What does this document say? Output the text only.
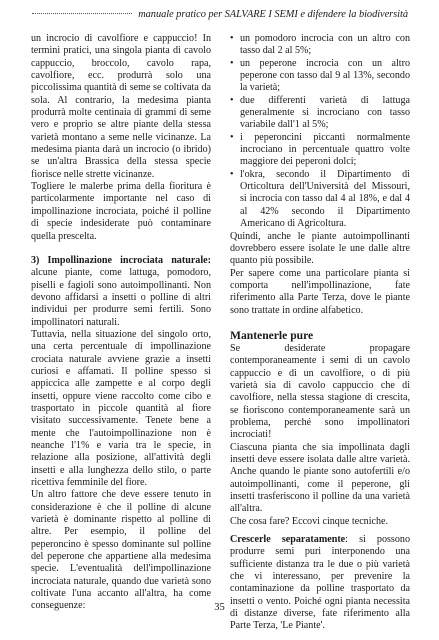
manuale pratico per SALVARE I SEMI e difendere la biodiversità

un incrocio di cavolfiore e cappuccio! In termini pratici, una singola pianta di cavolo cappuccio, broccolo, cavolo rapa, cavolfiore, ecc. produrrà solo una piccolissima quantità di seme se coltivata da sola. Al contrario, la medesima pianta produrrà molte centinaia di grammi di seme vero e proprio se altre piante della stessa varietà montano a seme nelle vicinanze. La medesima pianta darà un incrocio (o ibrido) se un'altra Brassica della stessa specie fiorisce nelle strette vicinanze.

Togliere le malerbe prima della fioritura è particolarmente importante nel caso di impollinazione incrociata, poiché il polline di specie indesiderate può contaminare quella prescelta.

3) Impollinazione incrociata naturale: alcune piante, come lattuga, pomodoro, piselli e fagioli sono autoimpollinanti. Non devono affidarsi a insetti o polline di altri individui per produrre semi fertili. Sono impollinatori naturali.

Tuttavia, nella situazione del singolo orto, una certa percentuale di impollinazione crociata naturale avviene grazie a insetti curiosi e affamati. Il polline spesso si appiccica alle zampette e al corpo degli insetti, oppure viene raccolto come cibo e trasportato in piccole quantità al fiore visitato successivamente. Tenete bene a mente che l'autoimpollinazione non è neanche l'1% e varia tra le specie, in relazione alla posizione, all'attività degli insetti e alla lunghezza dello stilo, o parte ricettiva femminile del fiore.

Un altro fattore che deve essere tenuto in considerazione è che il polline di alcune varietà è dominante rispetto al polline di altre. Per esempio, il polline del peperoncino è spesso dominante sul polline del peperone che appartiene alla medesima specie. L'eventualità dell'impollinazione incrociata naturale, quando due varietà sono coltivate l'una accanto all'altra, ha come conseguenze:

• un pomodoro incrocia con un altro con tasso dal 2 al 5%;
• un peperone incrocia con un altro peperone con tasso dal 9 al 13%, secondo la varietà;
• due differenti varietà di lattuga generalmente si incrociano con tasso variabile dall'1 al 5%;
• i peperoncini piccanti normalmente incrociano in percentuale quattro volte maggiore dei peperoni dolci;
• l'okra, secondo il Dipartimento di Orticoltura dell'Università del Missouri, si incrocia con tasso dal 4 al 18%, e dal 4 al 42% secondo il Dipartimento Americano di Agricoltura.

Quindi, anche le piante autoimpollinanti dovrebbero essere isolate le une dalle altre quanto più possibile.

Per sapere come una particolare pianta si comporta nell'impollinazione, fate riferimento alla Parte Terza, dove le piante sono trattate in ordine alfabetico.

Mantenerle pure

Se desiderate propagare contemporaneamente i semi di un cavolo cappuccio e di un cavolfiore, o di più varietà sia di cavolo cappuccio che di cavolfiore, nella stessa stagione di crescita, se fioriscono contemporaneamente sarà un problema, perché sono impollinatori incrociati!

Ciascuna pianta che sia impollinata dagli insetti deve essere isolata dalle altre varietà. Anche quando le piante sono autofertili e/o autoimpollinanti, come il peperone, gli insetti trasferiscono il polline da una varietà all'altra.

Che cosa fare? Eccovi cinque tecniche.

Crescerle separatamente: si possono produrre semi puri interponendo una sufficiente distanza tra le due o più varietà che vi interessano, per prevenire la contaminazione da polline trasportato da insetti o vento. Poiché ogni pianta necessita di distanze diverse, fate riferimento alla Parte Terza, 'Le Piante'.

35
